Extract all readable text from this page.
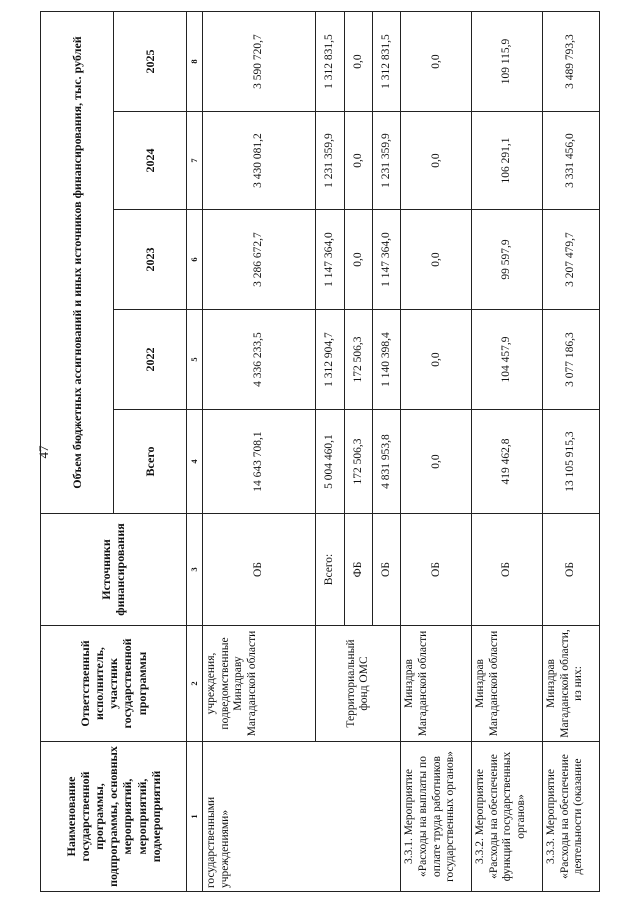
47
Наименование государственной программы, подпрограммы, основных мероприятий, мероприятий, подмероприятий	Ответственный исполнитель, участник государственной программы	Источники финансирования	Объем бюджетных ассигнований и иных источников финансирования, тыс. рублей				
			Всего	2022	2023	2024	2025
1	2	3	4	5	6	7	8
государственными учреждениями»	учреждения, подведомственные Минздраву Магаданской области	ОБ	14 643 708,1	4 336 233,5	3 286 672,7	3 430 081,2	3 590 720,7
	Территориальный фонд ОМС	Всего:	5 004 460,1	1 312 904,7	1 147 364,0	1 231 359,9	1 312 831,5
		ФБ	172 506,3	172 506,3	0,0	0,0	0,0
		ОБ	4 831 953,8	1 140 398,4	1 147 364,0	1 231 359,9	1 312 831,5
3.3.1. Мероприятие «Расходы на выплаты по оплате труда работников государственных органов»	Минздрав Магаданской области	ОБ	0,0	0,0	0,0	0,0	0,0
3.3.2. Мероприятие «Расходы на обеспечение функций государственных органов»	Минздрав Магаданской области	ОБ	419 462,8	104 457,9	99 597,9	106 291,1	109 115,9
3.3.3. Мероприятие «Расходы на обеспечение деятельности (оказание	Минздрав Магаданской области, из них:	ОБ	13 105 915,3	3 077 186,3	3 207 479,7	3 331 456,0	3 489 793,3
